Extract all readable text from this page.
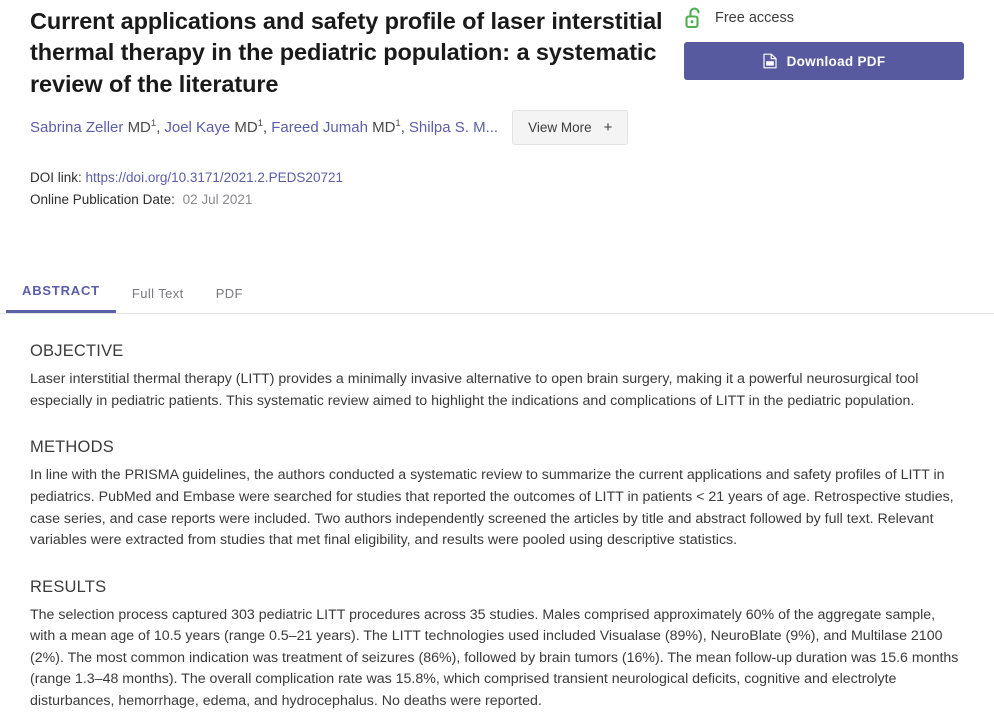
Current applications and safety profile of laser interstitial thermal therapy in the pediatric population: a systematic review of the literature
Sabrina Zeller $MD^1$, Joel Kaye $MD^1$, Fareed Jumah $MD^1$, Shilpa S. M... View More +
DOI link: https://doi.org/10.3171/2021.2.PEDS20721
Online Publication Date: 02 Jul 2021
Free access
Download PDF
ABSTRACT	Full Text	PDF
OBJECTIVE

Laser interstitial thermal therapy (LITT) provides a minimally invasive alternative to open brain surgery, making it a powerful neurosurgical tool especially in pediatric patients. This systematic review aimed to highlight the indications and complications of LITT in the pediatric population.

METHODS

In line with the PRISMA guidelines, the authors conducted a systematic review to summarize the current applications and safety profiles of LITT in pediatrics. PubMed and Embase were searched for studies that reported the outcomes of LITT in patients < 21 years of age. Retrospective studies, case series, and case reports were included. Two authors independently screened the articles by title and abstract followed by full text. Relevant variables were extracted from studies that met final eligibility, and results were pooled using descriptive statistics.

RESULTS

The selection process captured 303 pediatric LITT procedures across 35 studies. Males comprised approximately 60% of the aggregate sample, with a mean age of 10.5 years (range 0.5–21 years). The LITT technologies used included Visualase (89%), NeuroBlate (9%), and Multilase 2100 (2%). The most common indication was treatment of seizures (86%), followed by brain tumors (16%). The mean follow-up duration was 15.6 months (range 1.3–48 months). The overall complication rate was 15.8%, which comprised transient neurological deficits, cognitive and electrolyte disturbances, hemorrhage, edema, and hydrocephalus. No deaths were reported.
